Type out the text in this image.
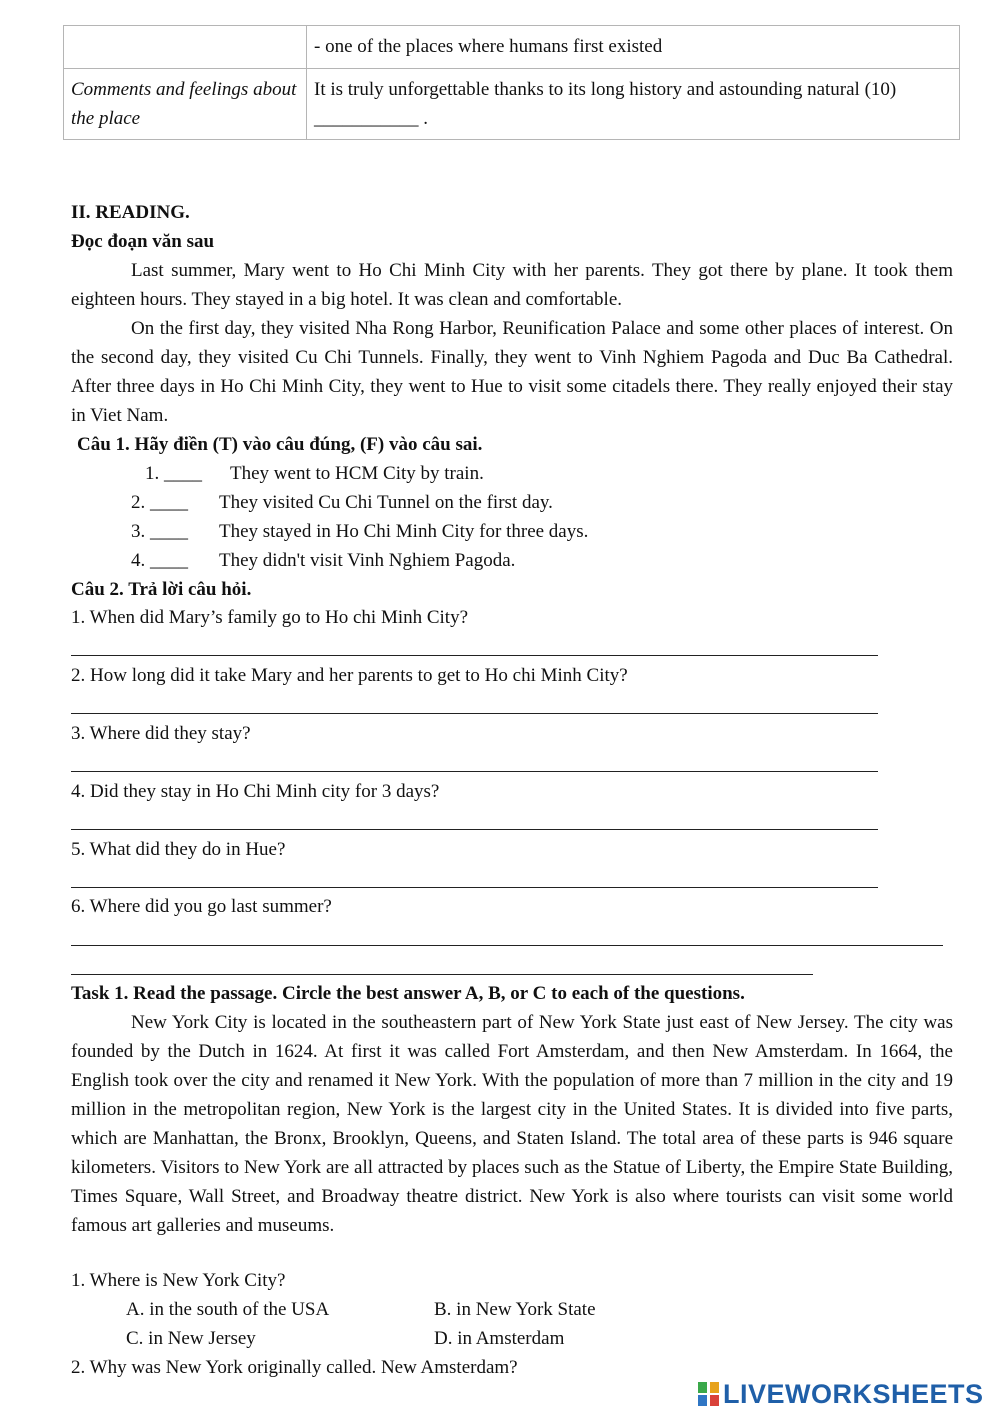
	- one of the places where humans first existed
Comments and feelings about the place	It is truly unforgettable thanks to its long history and astounding natural (10) ___________ .
II. READING.
Đọc đoạn văn sau

Last summer, Mary went to Ho Chi Minh City with her parents. They got there by plane. It took them eighteen hours. They stayed in a big hotel. It was clean and comfortable.

On the first day, they visited Nha Rong Harbor, Reunification Palace and some other places of interest. On the second day, they visited Cu Chi Tunnels. Finally, they went to Vinh Nghiem Pagoda and Duc Ba Cathedral. After three days in Ho Chi Minh City, they went to Hue to visit some citadels there. They really enjoyed their stay in Viet Nam.

Câu 1. Hãy điền (T) vào câu đúng, (F) vào câu sai.
1. ____ They went to HCM City by train.
2. ____ They visited Cu Chi Tunnel on the first day.
3. ____ They stayed in Ho Chi Minh City for three days.
4. ____ They didn't visit Vinh Nghiem Pagoda.
Câu 2. Trả lời câu hỏi.
1. When did Mary’s family go to Ho chi Minh City?
2. How long did it take Mary and her parents to get to Ho chi Minh City?
3. Where did they stay?
4. Did they stay in Ho Chi Minh city for 3 days?
5. What did they do in Hue?
6. Where did you go last summer?
Task 1. Read the passage. Circle the best answer A, B, or C to each of the questions.

New York City is located in the southeastern part of New York State just east of New Jersey. The city was founded by the Dutch in 1624. At first it was called Fort Amsterdam, and then New Amsterdam. In 1664, the English took over the city and renamed it New York. With the population of more than 7 million in the city and 19 million in the metropolitan region, New York is the largest city in the United States. It is divided into five parts, which are Manhattan, the Bronx, Brooklyn, Queens, and Staten Island. The total area of these parts is 946 square kilometers. Visitors to New York are all attracted by places such as the Statue of Liberty, the Empire State Building, Times Square, Wall Street, and Broadway theatre district. New York is also where tourists can visit some world famous art galleries and museums.

1. Where is New York City?
A. in the south of the USA	B. in New York State
C. in New Jersey	D. in Amsterdam
2. Why was New York originally called. New Amsterdam?
LIVEWORKSHEETS
